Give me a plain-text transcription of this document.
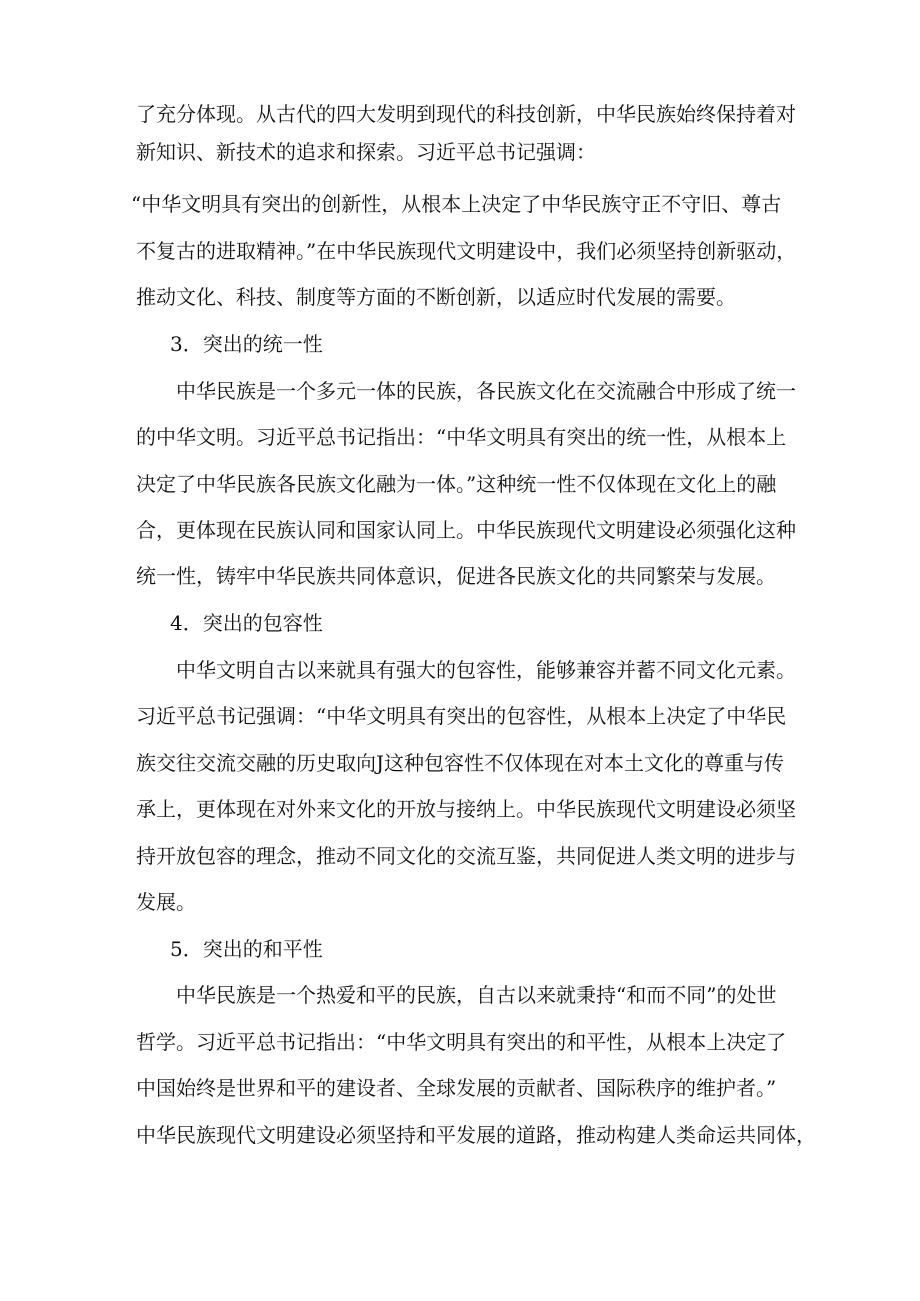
了充分体现。从古代的四大发明到现代的科技创新，中华民族始终保持着对
新知识、新技术的追求和探索。习近平总书记强调：
“中华文明具有突出的创新性，从根本上决定了中华民族守正不守旧、尊古
不复古的进取精神。”在中华民族现代文明建设中，我们必须坚持创新驱动，
推动文化、科技、制度等方面的不断创新，以适应时代发展的需要。
3．突出的统一性
中华民族是一个多元一体的民族，各民族文化在交流融合中形成了统一
的中华文明。习近平总书记指出：“中华文明具有突出的统一性，从根本上
决定了中华民族各民族文化融为一体。”这种统一性不仅体现在文化上的融
合，更体现在民族认同和国家认同上。中华民族现代文明建设必须强化这种
统一性，铸牢中华民族共同体意识，促进各民族文化的共同繁荣与发展。
4．突出的包容性
中华文明自古以来就具有强大的包容性，能够兼容并蓄不同文化元素。
习近平总书记强调：“中华文明具有突出的包容性，从根本上决定了中华民
族交往交流交融的历史取向J这种包容性不仅体现在对本土文化的尊重与传
承上，更体现在对外来文化的开放与接纳上。中华民族现代文明建设必须坚
持开放包容的理念，推动不同文化的交流互鉴，共同促进人类文明的进步与
发展。
5．突出的和平性
中华民族是一个热爱和平的民族，自古以来就秉持“和而不同”的处世
哲学。习近平总书记指出：“中华文明具有突出的和平性，从根本上决定了
中国始终是世界和平的建设者、全球发展的贡献者、国际秩序的维护者。”
中华民族现代文明建设必须坚持和平发展的道路，推动构建人类命运共同体，
